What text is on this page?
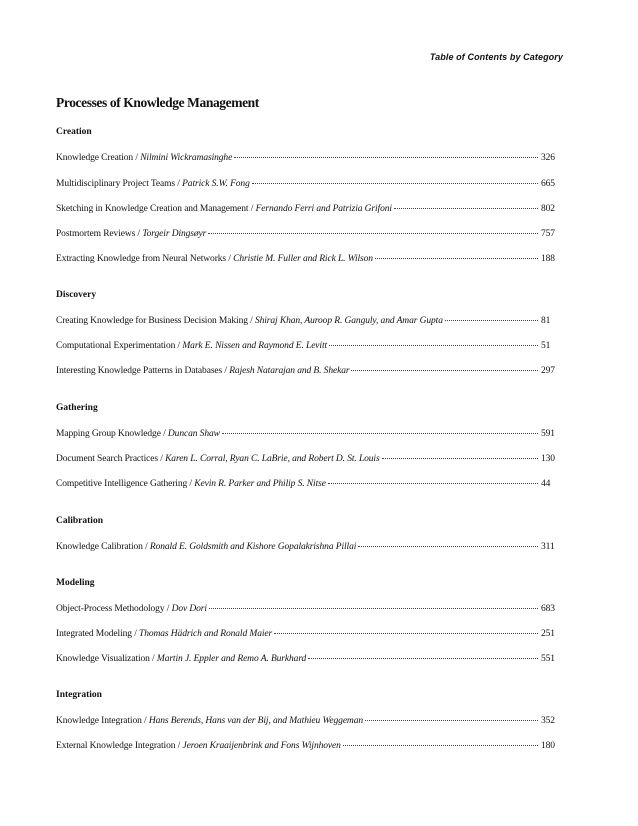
Table of Contents by Category
Processes of Knowledge Management
Creation
Knowledge Creation / Nilmini Wickramasinghe	326
Multidisciplinary Project Teams / Patrick S.W. Fong	665
Sketching in Knowledge Creation and Management / Fernando Ferri and Patrizia Grifoni	802
Postmortem Reviews / Torgeir Dingsøyr	757
Extracting Knowledge from Neural Networks / Christie M. Fuller and Rick L. Wilson	188
Discovery
Creating Knowledge for Business Decision Making / Shiraj Khan, Auroop R. Ganguly, and Amar Gupta	81
Computational Experimentation / Mark E. Nissen and Raymond E. Levitt	51
Interesting Knowledge Patterns in Databases / Rajesh Natarajan and B. Shekar	297
Gathering
Mapping Group Knowledge / Duncan Shaw	591
Document Search Practices / Karen L. Corral, Ryan C. LaBrie, and Robert D. St. Louis	130
Competitive Intelligence Gathering / Kevin R. Parker and Philip S. Nitse	44
Calibration
Knowledge Calibration / Ronald E. Goldsmith and Kishore Gopalakrishna Pillai	311
Modeling
Object-Process Methodology / Dov Dori	683
Integrated Modeling / Thomas Hädrich and Ronald Maier	251
Knowledge Visualization / Martin J. Eppler and Remo A. Burkhard	551
Integration
Knowledge Integration / Hans Berends, Hans van der Bij, and Mathieu Weggeman	352
External Knowledge Integration / Jeroen Kraaijenbrink and Fons Wijnhoven	180
